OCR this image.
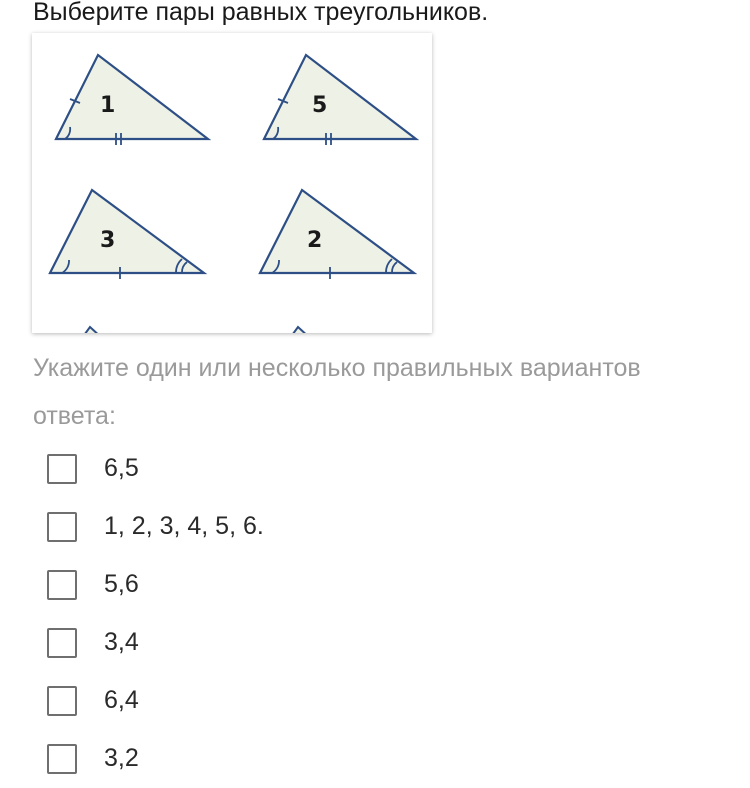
Выберите пары равных треугольников.
1	5
3	2
Укажите один или несколько правильных вариантов ответа:
6,5
1, 2, 3, 4, 5, 6.
5,6
3,4
6,4
3,2
